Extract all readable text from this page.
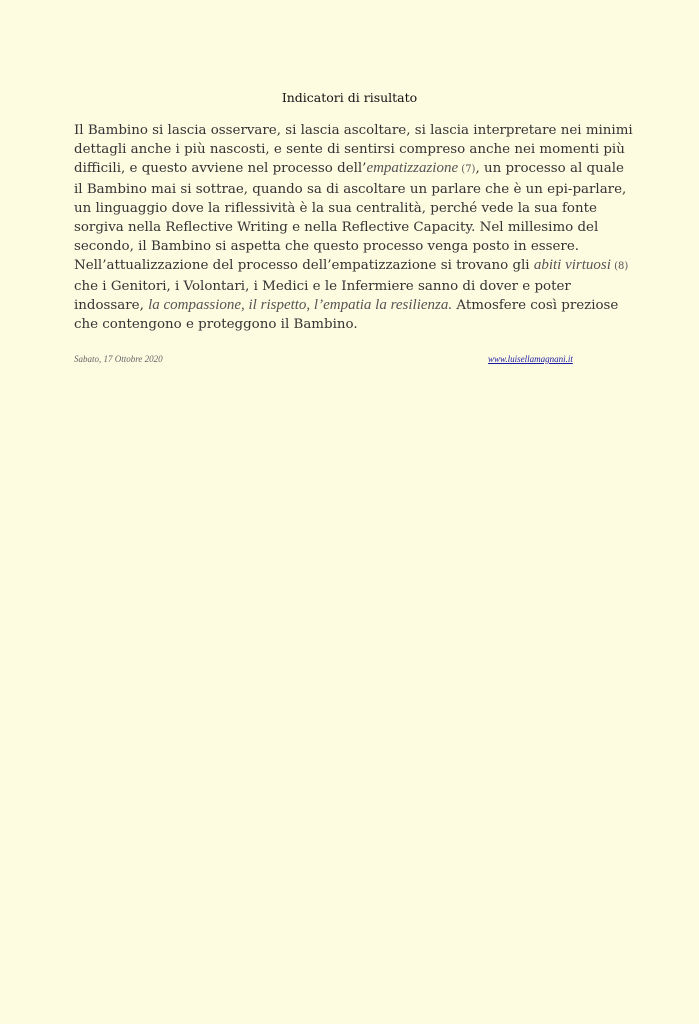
Indicatori di risultato
Il Bambino si lascia osservare, si lascia ascoltare, si lascia interpretare nei minimi dettagli anche i più nascosti, e sente di sentirsi compreso anche nei momenti più difficili, e questo avviene nel processo dell’empatizzazione (7), un processo al quale il Bambino mai si sottrae, quando sa di ascoltare un parlare che è un epi-parlare, un linguaggio dove la riflessività è la sua centralità, perché vede la sua fonte sorgiva nella Reflective Writing e nella Reflective Capacity. Nel millesimo del secondo, il Bambino si aspetta che questo processo venga posto in essere. Nell’attualizzazione del processo dell’empatizzazione si trovano gli abiti virtuosi (8) che i Genitori, i Volontari, i Medici e le Infermiere sanno di dover e poter indossare, la compassione, il rispetto, l’empatia la resilienza. Atmosfere così preziose che contengono e proteggono il Bambino.
Sabato, 17 Ottobre 2020	www.luisellamagnani.it
